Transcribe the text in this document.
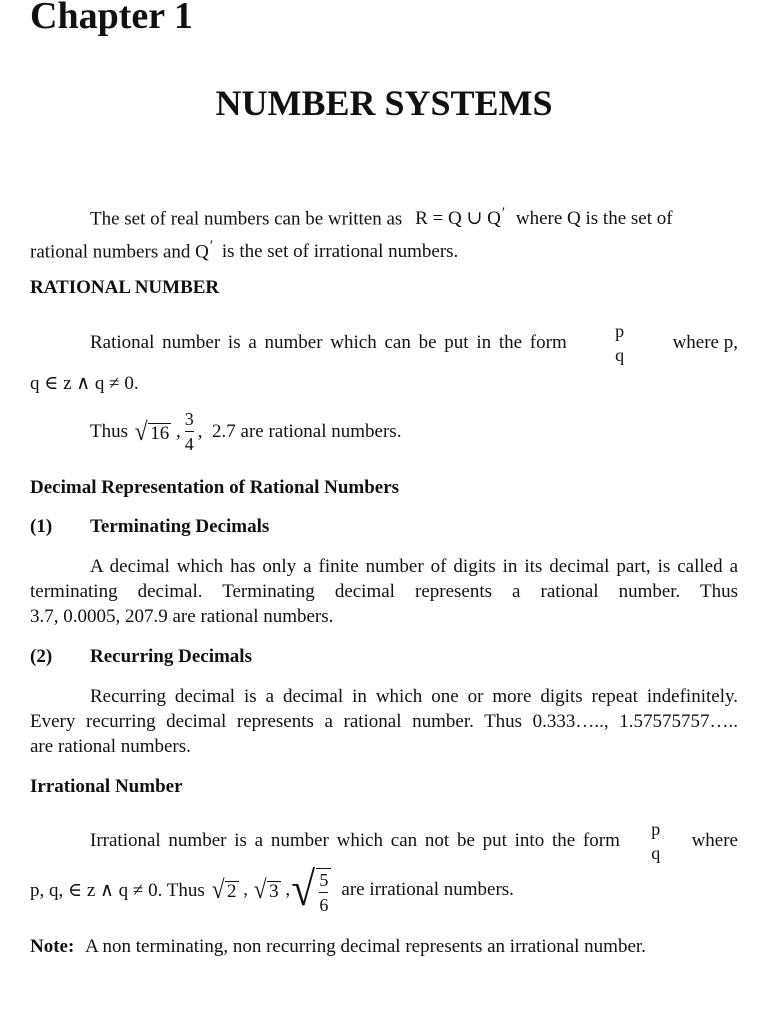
Chapter 1
NUMBER SYSTEMS
The set of real numbers can be written as R = Q ∪ Q′ where Q is the set of
rational numbers and Q′ is the set of irrational numbers.
RATIONAL NUMBER
Rational number is a number which can be put in the form
p
q
where p,
q ∈ z ∧ q ≠ 0.
Thus √ 16 , $\frac{3}{4}$ , 2.7 are rational numbers.
Decimal Representation of Rational Numbers
(1) Terminating Decimals
A decimal which has only a finite number of digits in its decimal part, is called a
terminating decimal. Terminating decimal represents a rational number. Thus
3.7, 0.0005, 207.9 are rational numbers.
(2) Recurring Decimals
Recurring decimal is a decimal in which one or more digits repeat indefinitely.
Every recurring decimal represents a rational number. Thus 0.333….., 1.57575757…..
are rational numbers.
Irrational Number
Irrational number is a number which can not be put into the form
p
q
where
p, q, ∈ z ∧ q ≠ 0. Thus √ 2 , √ 3 , √ $\frac{5}{6}$ are irrational numbers.
Note: A non terminating, non recurring decimal represents an irrational number.
